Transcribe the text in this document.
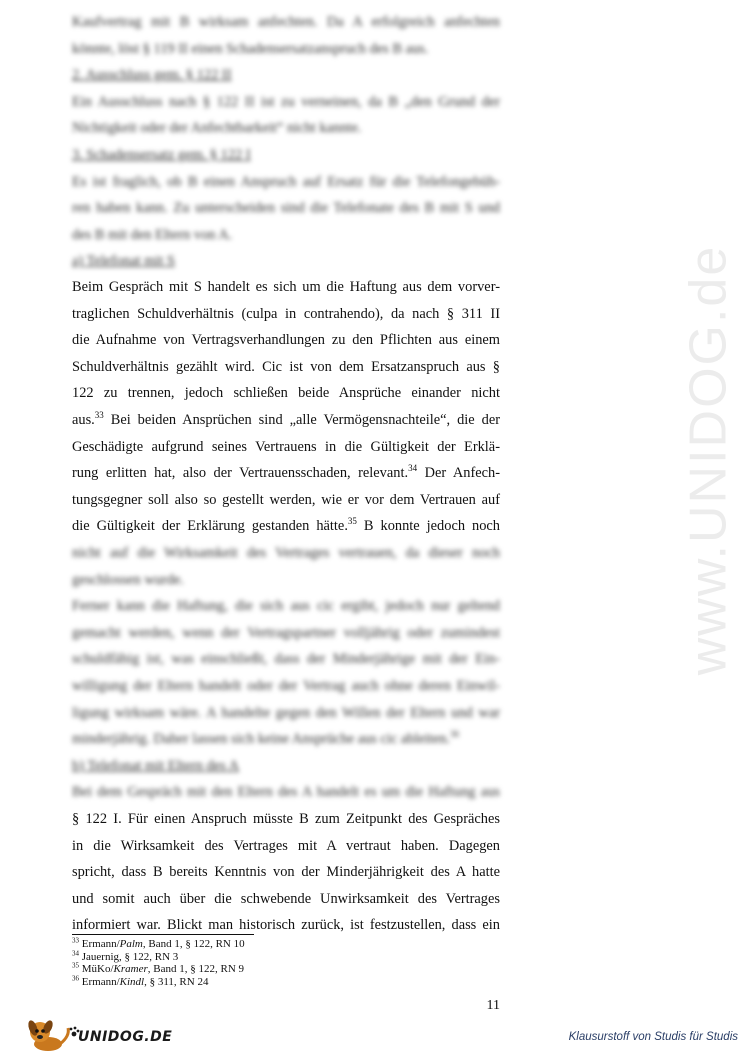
Kaufvertrag mit B wirksam anfechten. Da A erfolgreich anfechten
könnte, löst § 119 II einen Schadensersatzanspruch des B aus.
2. Ausschluss gem. § 122 II
Ein Ausschluss nach § 122 II ist zu verneinen, da B „den Grund der
Nichtigkeit oder der Anfechtbarkeit“ nicht kannte.
3. Schadensersatz gem. § 122 I
Es ist fraglich, ob B einen Anspruch auf Ersatz für die Telefongebüh-
ren haben kann. Zu unterscheiden sind die Telefonate des B mit S und
des B mit den Eltern von A.
a) Telefonat mit S
Beim Gespräch mit S handelt es sich um die Haftung aus dem vorver-
traglichen Schuldverhältnis (culpa in contrahendo), da nach § 311 II
die Aufnahme von Vertragsverhandlungen zu den Pflichten aus einem
Schuldverhältnis gezählt wird. Cic ist von dem Ersatzanspruch aus §
122 zu trennen, jedoch schließen beide Ansprüche einander nicht
aus.$^{33}$ Bei beiden Ansprüchen sind „alle Vermögensnachteile“, die der
Geschädigte aufgrund seines Vertrauens in die Gültigkeit der Erklä-
rung erlitten hat, also der Vertrauensschaden, relevant.$^{34}$ Der Anfech-
tungsgegner soll also so gestellt werden, wie er vor dem Vertrauen auf
die Gültigkeit der Erklärung gestanden hätte.$^{35}$ B konnte jedoch noch
nicht auf die Wirksamkeit des Vertrages vertrauen, da dieser noch
geschlossen wurde.
Ferner kann die Haftung, die sich aus cic ergibt, jedoch nur geltend
gemacht werden, wenn der Vertragspartner volljährig oder zumindest
schuldfähig ist, was einschließt, dass der Minderjährige mit der Ein-
willigung der Eltern handelt oder der Vertrag auch ohne deren Einwil-
ligung wirksam wäre. A handelte gegen den Willen der Eltern und war
minderjährig. Daher lassen sich keine Ansprüche aus cic ableiten.$^{36}$
b) Telefonat mit Eltern des A
Bei dem Gespräch mit den Eltern des A handelt es um die Haftung aus
§ 122 I. Für einen Anspruch müsste B zum Zeitpunkt des Gespräches
in die Wirksamkeit des Vertrages mit A vertraut haben. Dagegen
spricht, dass B bereits Kenntnis von der Minderjährigkeit des A hatte
und somit auch über die schwebende Unwirksamkeit des Vertrages
informiert war. Blickt man historisch zurück, ist festzustellen, dass ein
$^{33}$ Ermann/Palm, Band 1, § 122, RN 10
$^{34}$ Jauernig, § 122, RN 3
$^{35}$ MüKo/Kramer, Band 1, § 122, RN 9
$^{36}$ Ermann/Kindl, § 311, RN 24
11
www.UNIDOG.de
UNIDOG.DE	Klausurstoff von Studis für Studis
